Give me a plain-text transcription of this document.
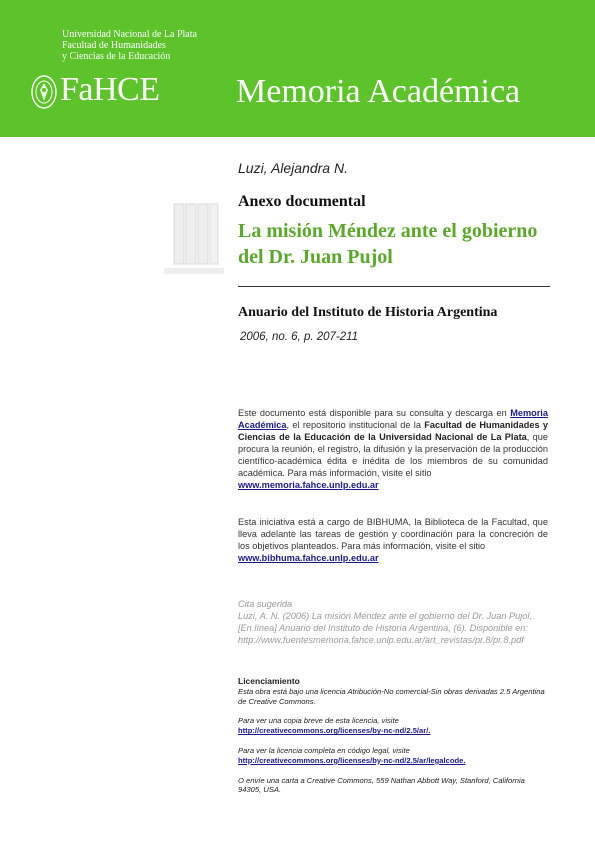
Universidad Nacional de La Plata
Facultad de Humanidades
y Ciencias de la Educación
FaHCE Memoria Académica
Luzi, Alejandra N.
Anexo documental
La misión Méndez ante el gobierno del Dr. Juan Pujol
Anuario del Instituto de Historia Argentina
2006, no. 6, p. 207-211
Este documento está disponible para su consulta y descarga en Memoria Académica, el repositorio institucional de la Facultad de Humanidades y Ciencias de la Educación de la Universidad Nacional de La Plata, que procura la reunión, el registro, la difusión y la preservación de la producción científico-académica édita e inédita de los miembros de su comunidad académica. Para más información, visite el sitio
www.memoria.fahce.unlp.edu.ar
Esta iniciativa está a cargo de BIBHUMA, la Biblioteca de la Facultad, que lleva adelante las tareas de gestión y coordinación para la concreción de los objetivos planteados. Para más información, visite el sitio
www.bibhuma.fahce.unlp.edu.ar
Cita sugerida
Luzi, A. N. (2006) La misión Méndez ante el gobierno del Dr. Juan Pujol. [En línea] Anuario del Instituto de Historia Argentina, (6). Disponible en: http://www.fuentesmemoria.fahce.unlp.edu.ar/art_revistas/pr.8/pr.8.pdf
Licenciamiento
Esta obra está bajo una licencia Atribución-No comercial-Sin obras derivadas 2.5 Argentina de Creative Commons.
Para ver una copia breve de esta licencia, visite
http://creativecommons.org/licenses/by-nc-nd/2.5/ar/.
Para ver la licencia completa en código legal, visite
http://creativecommons.org/licenses/by-nc-nd/2.5/ar/legalcode.
O envíe una carta a Creative Commons, 559 Nathan Abbott Way, Stanford, California 94305, USA.
